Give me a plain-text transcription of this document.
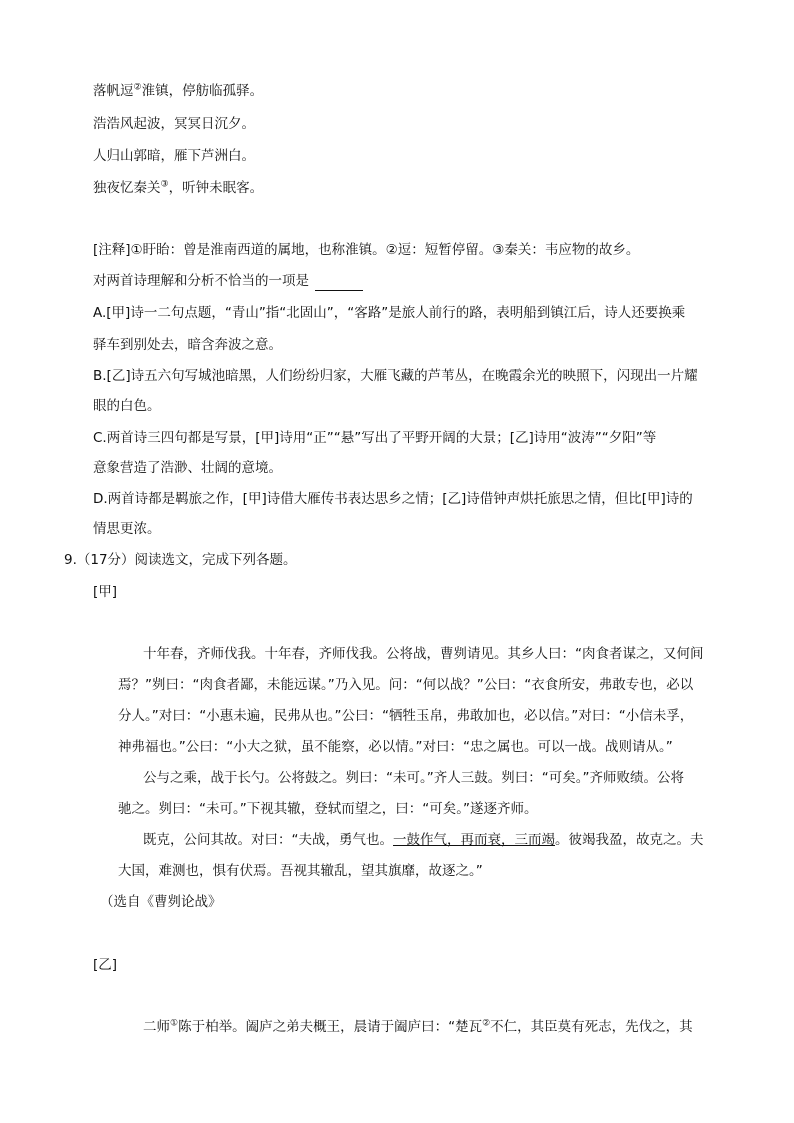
落帆逗②淮镇，停舫临孤驿。
浩浩风起波，冥冥日沉夕。
人归山郭暗，雁下芦洲白。
独夜忆秦关③，听钟未眠客。
[注释]①盱眙：曾是淮南西道的属地，也称淮镇。②逗：短暂停留。③秦关：韦应物的故乡。
对两首诗理解和分析不恰当的一项是
A.[甲]诗一二句点题，“青山”指“北固山”，“客路”是旅人前行的路，表明船到镇江后，诗人还要换乘
驿车到别处去，暗含奔波之意。
B.[乙]诗五六句写城池暗黑，人们纷纷归家，大雁飞藏的芦苇丛，在晚霞余光的映照下，闪现出一片耀
眼的白色。
C.两首诗三四句都是写景，[甲]诗用“正”“悬”写出了平野开阔的大景；[乙]诗用“波涛”“夕阳”等
意象营造了浩渺、壮阔的意境。
D.两首诗都是羁旅之作，[甲]诗借大雁传书表达思乡之情；[乙]诗借钟声烘托旅思之情，但比[甲]诗的
情思更浓。
9.（17分）阅读选文，完成下列各题。
[甲]
十年春，齐师伐我。十年春，齐师伐我。公将战，曹刿请见。其乡人曰：“肉食者谋之，又何间
焉？”刿曰：“肉食者鄙，未能远谋。”乃入见。问：“何以战？”公曰：“衣食所安，弗敢专也，必以
分人。”对曰：“小惠未遍，民弗从也。”公曰：“牺牲玉帛，弗敢加也，必以信。”对曰：“小信未孚，
神弗福也。”公曰：“小大之狱，虽不能察，必以情。”对曰：“忠之属也。可以一战。战则请从。”
公与之乘，战于长勺。公将鼓之。刿曰：“未可。”齐人三鼓。刿曰：“可矣。”齐师败绩。公将
驰之。刿曰：“未可。”下视其辙，登轼而望之，曰：“可矣。”遂逐齐师。
既克，公问其故。对曰：“夫战，勇气也。一鼓作气，再而衰，三而竭。彼竭我盈，故克之。夫
大国，难测也，惧有伏焉。吾视其辙乱，望其旗靡，故逐之。”
（选自《曹刿论战》
[乙]
二师①陈于柏举。阖庐之弟夫概王，晨请于阖庐曰：“楚瓦②不仁，其臣莫有死志，先伐之，其
